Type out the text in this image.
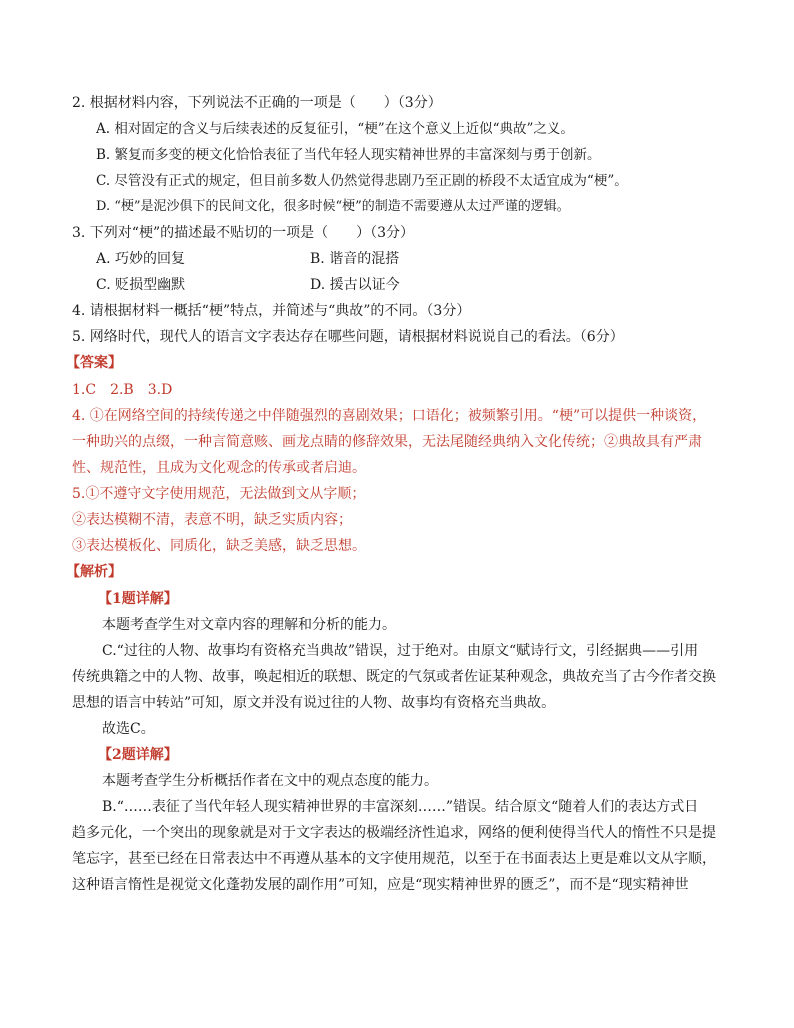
2. 根据材料内容，下列说法不正确的一项是（　　）（3分）
A. 相对固定的含义与后续表述的反复征引，“梗”在这个意义上近似“典故”之义。
B. 繁复而多变的梗文化恰恰表征了当代年轻人现实精神世界的丰富深刻与勇于创新。
C. 尽管没有正式的规定，但目前多数人仍然觉得悲剧乃至正剧的桥段不太适宜成为“梗”。
D. “梗”是泥沙俱下的民间文化，很多时候“梗”的制造不需要遵从太过严谨的逻辑。
3. 下列对“梗”的描述最不贴切的一项是（　　）（3分）
A. 巧妙的回复	B. 谐音的混搭
C. 贬损型幽默	D. 援古以证今
4. 请根据材料一概括“梗”特点，并简述与“典故”的不同。（3分）
5. 网络时代，现代人的语言文字表达存在哪些问题，请根据材料说说自己的看法。（6分）
【答案】
1.C　2.B　3.D
4. ①在网络空间的持续传递之中伴随强烈的喜剧效果；口语化；被频繁引用。“梗”可以提供一种谈资，
一种助兴的点缀，一种言简意赅、画龙点睛的修辞效果，无法尾随经典纳入文化传统；②典故具有严肃
性、规范性，且成为文化观念的传承或者启迪。
5.①不遵守文字使用规范，无法做到文从字顺；
②表达模糊不清，表意不明，缺乏实质内容；
③表达模板化、同质化，缺乏美感，缺乏思想。
【解析】
【1题详解】
本题考查学生对文章内容的理解和分析的能力。
C.“过往的人物、故事均有资格充当典故”错误，过于绝对。由原文“赋诗行文，引经据典——引用
传统典籍之中的人物、故事，唤起相近的联想、既定的气氛或者佐证某种观念，典故充当了古今作者交换
思想的语言中转站”可知，原文并没有说过往的人物、故事均有资格充当典故。
故选C。
【2题详解】
本题考查学生分析概括作者在文中的观点态度的能力。
B.“……表征了当代年轻人现实精神世界的丰富深刻……”错误。结合原文“随着人们的表达方式日
趋多元化，一个突出的现象就是对于文字表达的极端经济性追求，网络的便利使得当代人的惰性不只是提
笔忘字，甚至已经在日常表达中不再遵从基本的文字使用规范，以至于在书面表达上更是难以文从字顺，
这种语言惰性是视觉文化蓬勃发展的副作用”可知，应是“现实精神世界的匮乏”，而不是“现实精神世
